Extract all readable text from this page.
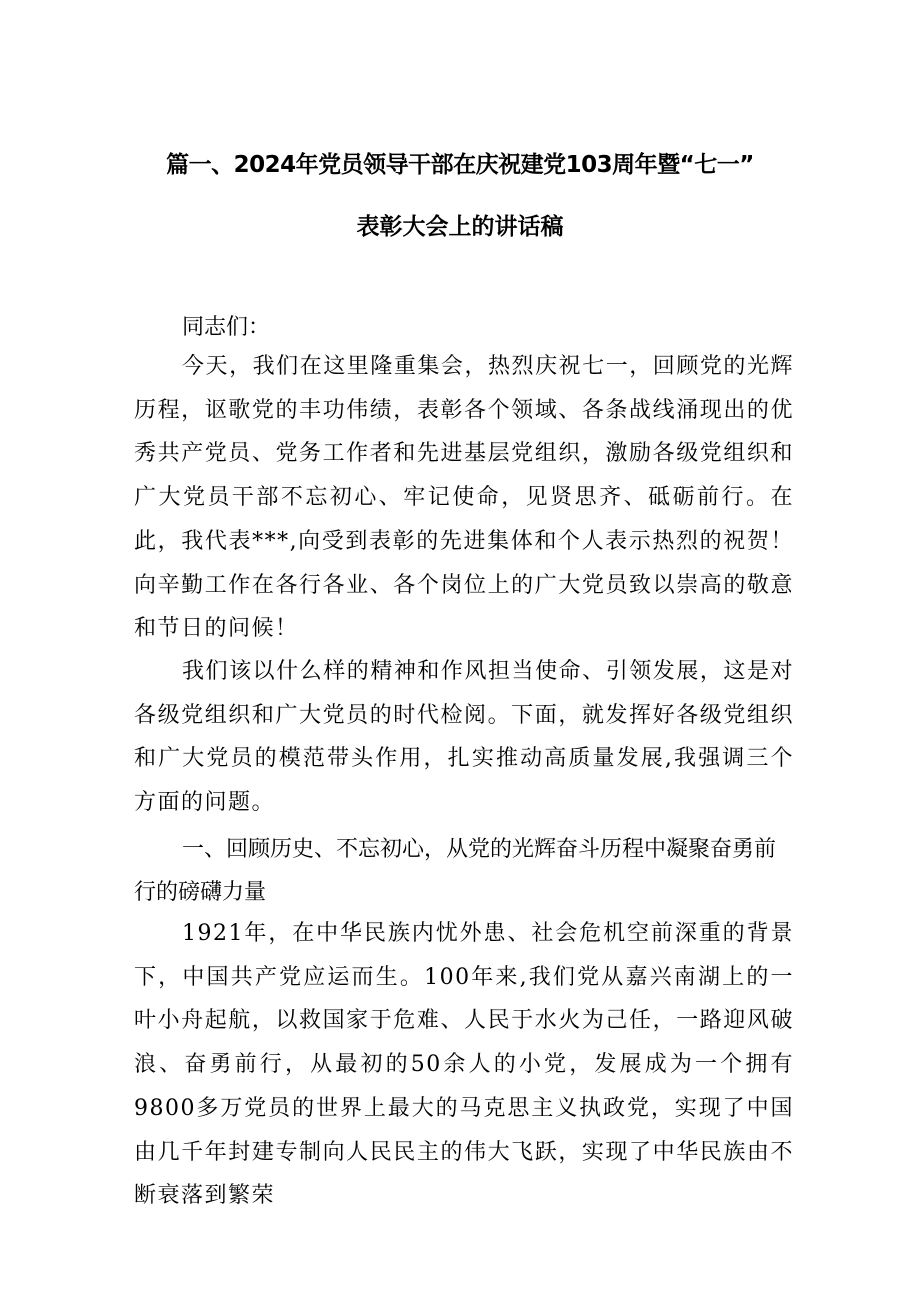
篇一、2024年党员领导干部在庆祝建党103周年暨“七一”
表彰大会上的讲话稿
同志们：
今天，我们在这里隆重集会，热烈庆祝七一，回顾党的光辉历程，讴歌党的丰功伟绩，表彰各个领域、各条战线涌现出的优秀共产党员、党务工作者和先进基层党组织，激励各级党组织和广大党员干部不忘初心、牢记使命，见贤思齐、砥砺前行。在此，我代表***,向受到表彰的先进集体和个人表示热烈的祝贺！向辛勤工作在各行各业、各个岗位上的广大党员致以崇高的敬意和节日的问候！
我们该以什么样的精神和作风担当使命、引领发展，这是对各级党组织和广大党员的时代检阅。下面，就发挥好各级党组织和广大党员的模范带头作用，扎实推动高质量发展,我强调三个方面的问题。
一、回顾历史、不忘初心，从党的光辉奋斗历程中凝聚奋勇前行的磅礴力量
1921年，在中华民族内忧外患、社会危机空前深重的背景下，中国共产党应运而生。100年来,我们党从嘉兴南湖上的一叶小舟起航，以救国家于危难、人民于水火为己任，一路迎风破浪、奋勇前行，从最初的50余人的小党，发展成为一个拥有9800多万党员的世界上最大的马克思主义执政党，实现了中国由几千年封建专制向人民民主的伟大飞跃，实现了中华民族由不断衰落到繁荣
